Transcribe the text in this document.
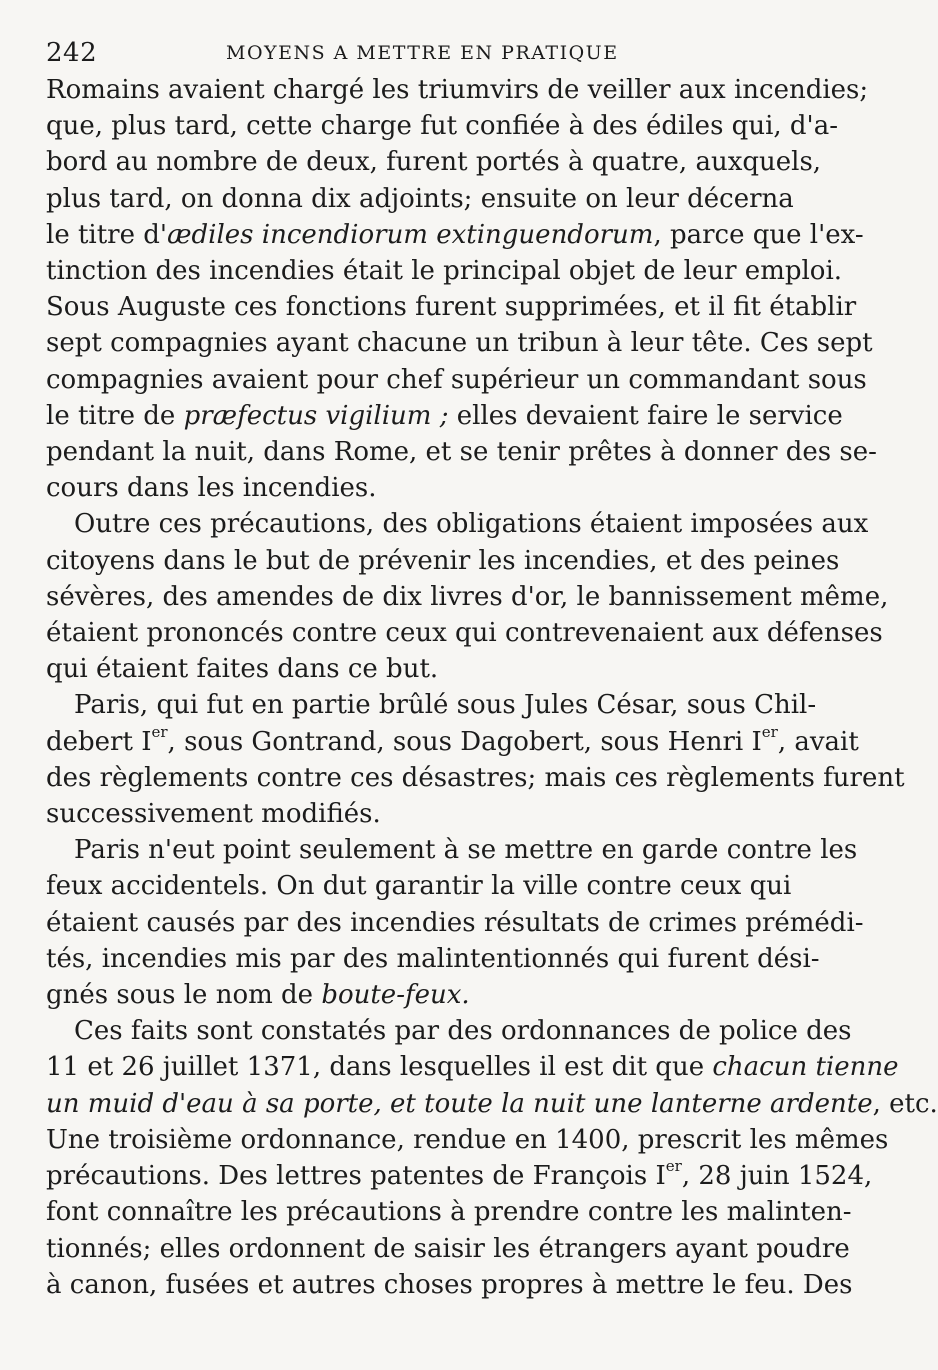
242	MOYENS A METTRE EN PRATIQUE
Romains avaient chargé les triumvirs de veiller aux incendies;
que, plus tard, cette charge fut confiée à des édiles qui, d'a-
bord au nombre de deux, furent portés à quatre, auxquels,
plus tard, on donna dix adjoints; ensuite on leur décerna
le titre d'ædiles incendiorum extinguendorum, parce que l'ex-
tinction des incendies était le principal objet de leur emploi.
Sous Auguste ces fonctions furent supprimées, et il fit établir
sept compagnies ayant chacune un tribun à leur tête. Ces sept
compagnies avaient pour chef supérieur un commandant sous
le titre de præfectus vigilium ; elles devaient faire le service
pendant la nuit, dans Rome, et se tenir prêtes à donner des se-
cours dans les incendies.
Outre ces précautions, des obligations étaient imposées aux
citoyens dans le but de prévenir les incendies, et des peines
sévères, des amendes de dix livres d'or, le bannissement même,
étaient prononcés contre ceux qui contrevenaient aux défenses
qui étaient faites dans ce but.
Paris, qui fut en partie brûlé sous Jules César, sous Chil-
debert Ier, sous Gontrand, sous Dagobert, sous Henri Ier, avait
des règlements contre ces désastres; mais ces règlements furent
successivement modifiés.
Paris n'eut point seulement à se mettre en garde contre les
feux accidentels. On dut garantir la ville contre ceux qui
étaient causés par des incendies résultats de crimes prémédi-
tés, incendies mis par des malintentionnés qui furent dési-
gnés sous le nom de boute-feux.
Ces faits sont constatés par des ordonnances de police des
11 et 26 juillet 1371, dans lesquelles il est dit que chacun tienne
un muid d'eau à sa porte, et toute la nuit une lanterne ardente, etc.
Une troisième ordonnance, rendue en 1400, prescrit les mêmes
précautions. Des lettres patentes de François Ier, 28 juin 1524,
font connaître les précautions à prendre contre les malinten-
tionnés; elles ordonnent de saisir les étrangers ayant poudre
à canon, fusées et autres choses propres à mettre le feu. Des
